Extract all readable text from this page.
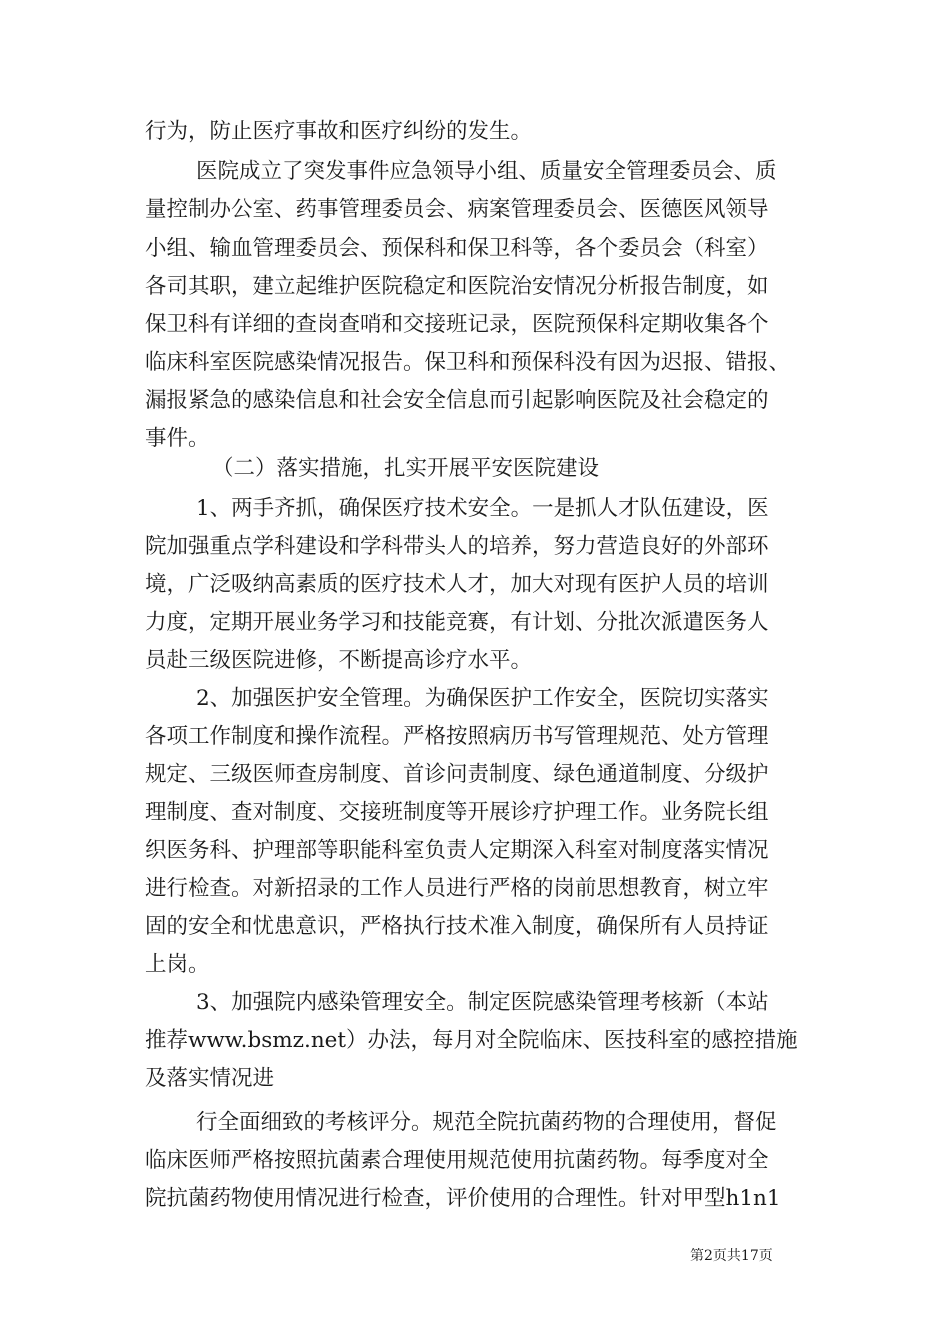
行为，防止医疗事故和医疗纠纷的发生。
医院成立了突发事件应急领导小组、质量安全管理委员会、质
量控制办公室、药事管理委员会、病案管理委员会、医德医风领导
小组、输血管理委员会、预保科和保卫科等，各个委员会（科室）
各司其职，建立起维护医院稳定和医院治安情况分析报告制度，如
保卫科有详细的查岗查哨和交接班记录，医院预保科定期收集各个
临床科室医院感染情况报告。保卫科和预保科没有因为迟报、错报、
漏报紧急的感染信息和社会安全信息而引起影响医院及社会稳定的
事件。
（二）落实措施，扎实开展平安医院建设
1、两手齐抓，确保医疗技术安全。一是抓人才队伍建设，医
院加强重点学科建设和学科带头人的培养，努力营造良好的外部环
境，广泛吸纳高素质的医疗技术人才，加大对现有医护人员的培训
力度，定期开展业务学习和技能竞赛，有计划、分批次派遣医务人
员赴三级医院进修，不断提高诊疗水平。
2、加强医护安全管理。为确保医护工作安全，医院切实落实
各项工作制度和操作流程。严格按照病历书写管理规范、处方管理
规定、三级医师查房制度、首诊问责制度、绿色通道制度、分级护
理制度、查对制度、交接班制度等开展诊疗护理工作。业务院长组
织医务科、护理部等职能科室负责人定期深入科室对制度落实情况
进行检查。对新招录的工作人员进行严格的岗前思想教育，树立牢
固的安全和忧患意识，严格执行技术准入制度，确保所有人员持证
上岗。
3、加强院内感染管理安全。制定医院感染管理考核新（本站
推荐www.bsmz.net）办法，每月对全院临床、医技科室的感控措施
及落实情况进
行全面细致的考核评分。规范全院抗菌药物的合理使用，督促
临床医师严格按照抗菌素合理使用规范使用抗菌药物。每季度对全
院抗菌药物使用情况进行检查，评价使用的合理性。针对甲型h1n1
第2页共17页
